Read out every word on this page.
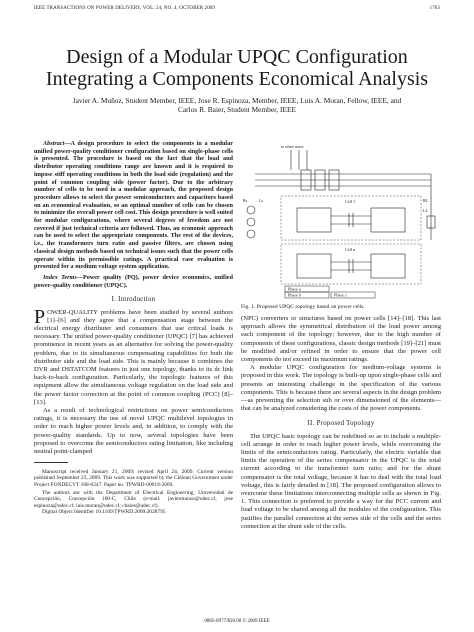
IEEE TRANSACTIONS ON POWER DELIVERY, VOL. 24, NO. 4, OCTOBER 2009	1763
Design of a Modular UPQC Configuration Integrating a Components Economical Analysis
Javier A. Muñoz, Student Member, IEEE, Jose R. Espinoza, Member, IEEE, Luis A. Moran, Fellow, IEEE, and
Carlos R. Baier, Student Member, IEEE

Abstract—A design procedure to select the components in a modular unified power-quality conditioner configuration based on single-phase cells is presented. The procedure is based on the fact that the load and distributor operating conditions range are known and it is required to impose stiff operating conditions in both the load side (regulation) and the point of common coupling side (power factor). Due to the arbitrary number of cells to be used in a modular approach, the proposed design procedure allows to select the power semiconductors and capacitors based on an economical evaluation, so an optimal number of cells can be chosen to minimize the overall power cell cost. This design procedure is well suited for modular configurations, where several degrees of freedom are not covered if just technical criteria are followed. Thus, an economic approach can be used to select the appropriate components. The rest of the devices, i.e., the transformers turn ratio and passive filters, are chosen using classical design methods based on technical issues such that the power cells operate within its permissible ratings. A practical case evaluation is presented for a medium voltage system application.

Index Terms—Power quality (PQ), power device economics, unified power-quality conditioner (UPQC).

I. Introduction

POWER-QUALITY problems have been studied by several authors [1]–[6] and they agree that a compensation stage between the electrical energy distributer and consumers that use critical loads is necessary. The unified power-quality conditioner (UPQC) [7] has achieved prominence in recent years as an alternative for solving the power-quality problem, due to its simultaneous compensating capabilities for both the distributor side and the load side. This is mainly because it combines the DVR and DSTATCOM features in just one topology, thanks to its dc link back-to-back configuration. Particularly, the topologic features of this equipment allow the simultaneous voltage regulation on the load side and the power factor correction at the point of common coupling (PCC) [8]–[13].

As a result of technological restrictions on power semiconductors ratings, it is necessary the use of novel UPQC multilevel topologies in order to reach higher power levels and, in addition, to comply with the power-quality standards. Up to now, several topologies have been proposed to overcome the semiconductors rating limitation, like including neutral point-clamped

Manuscript received January 21, 2009; revised April 24, 2009. Current version published September 23, 2009. This work was supported by the Chilean Government under Project FONDECYT 108-0247. Paper no. TPWRD-00019-2009.

The authors are with the Department of Electrical Engineering, Universidad de Concepción, Concepción 160-C, Chile (e-mail: javiermunoz@udec.cl; jose espinoza@udec.cl; luis.moran@udec.cl; cbaier@udec.cl).

Digital Object Identifier 10.1109/TPWRD.2009.2028795

to other users
Rs	Ls	Cell 1
Cell n
Phase a
Phase b	Phase c
RL
LL

Fig. 1. Proposed UPQC topology based on power cells.

(NPC) converters or structures based on power cells [14]–[18]. This last approach allows the symmetrical distribution of the load power among each component of the topology; however, due to the high number of components of these configurations, classic design methods [19]–[21] must be modified and/or refined in order to ensure that the power cell components do not exceed its maximum ratings.

A modular UPQC configuration for medium-voltage systems is proposed in this work. The topology is built-up upon single-phase cells and presents an interesting challenge in the specification of the various components. This is because there are several aspects in the design problem—as preventing the selection sub or over dimensioned of the elements—that can be analyzed considering the costs of the power components.

II. Proposed Topology

The UPQC basic topology can be redefined so as to include a multiple-cell arrange in order to reach higher power levels, while overcoming the limits of the semiconductors rating. Particularly, the electric variable that limits the operation of the series compensator in the UPQC is the total current according to the transformer turn ratio; and for the shunt compensator is the total voltage, because it has to deal with the total load voltage, this is fairly detailed in [18]. The proposed configuration allows to overcome these limitations interconnecting multiple cells as shown in Fig. 1. This connection is preferred to provide a way for the PCC current and load voltage to be shared among all the modules of the configuration. This justifies the parallel connection at the series side of the cells and the series connection at the shunt side of the cells.

0885-8977/$26.00 © 2009 IEEE
